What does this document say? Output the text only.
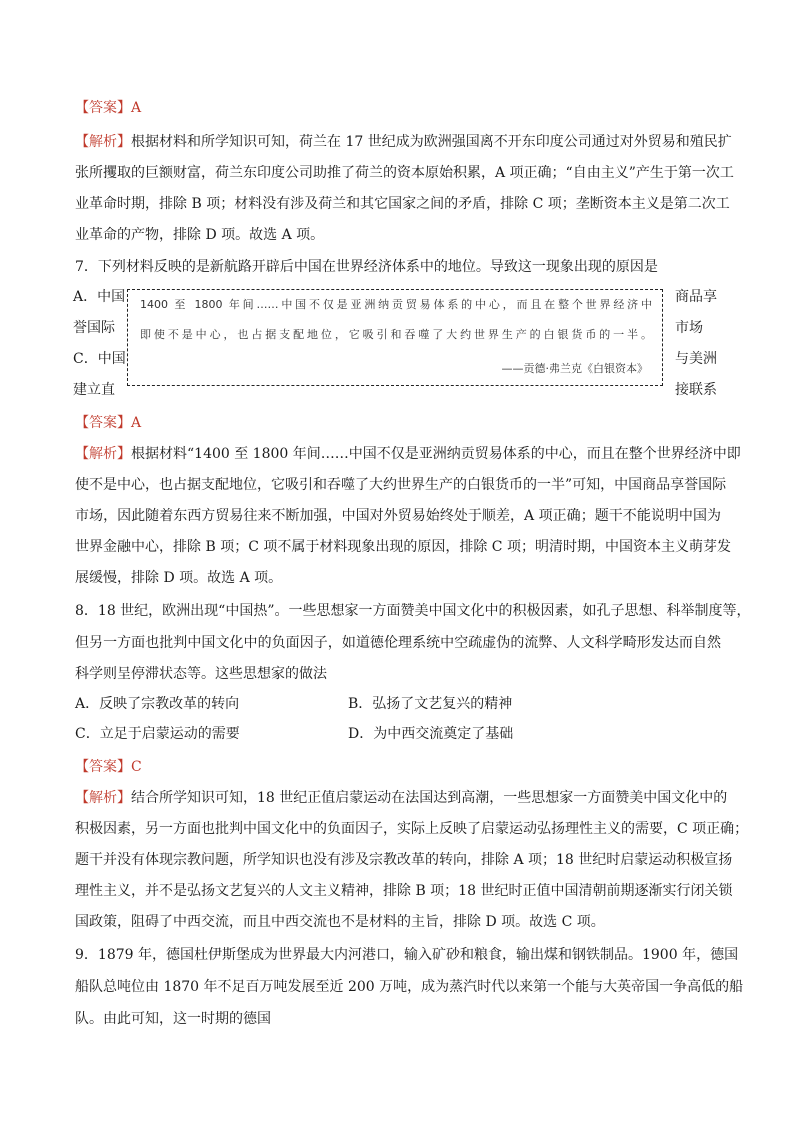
【答案】A
【解析】根据材料和所学知识可知，荷兰在 17 世纪成为欧洲强国离不开东印度公司通过对外贸易和殖民扩
张所攫取的巨额财富，荷兰东印度公司助推了荷兰的资本原始积累，A 项正确；“自由主义”产生于第一次工
业革命时期，排除 B 项；材料没有涉及荷兰和其它国家之间的矛盾，排除 C 项；垄断资本主义是第二次工
业革命的产物，排除 D 项。故选 A 项。
7．下列材料反映的是新航路开辟后中国在世界经济体系中的地位。导致这一现象出现的原因是
A．中国
誉国际
C．中国
建立直
商品享
市场
与美洲
接联系
1400 至 1800 年间……中国不仅是亚洲纳贡贸易体系的中心，而且在整个世界经济中
即使不是中心，也占据支配地位，它吸引和吞噬了大约世界生产的白银货币的一半。
——贡德·弗兰克《白银资本》
【答案】A
【解析】根据材料“1400 至 1800 年间……中国不仅是亚洲纳贡贸易体系的中心，而且在整个世界经济中即
使不是中心，也占据支配地位，它吸引和吞噬了大约世界生产的白银货币的一半”可知，中国商品享誉国际
市场，因此随着东西方贸易往来不断加强，中国对外贸易始终处于顺差，A 项正确；题干不能说明中国为
世界金融中心，排除 B 项；C 项不属于材料现象出现的原因，排除 C 项；明清时期，中国资本主义萌芽发
展缓慢，排除 D 项。故选 A 项。
8．18 世纪，欧洲出现“中国热”。一些思想家一方面赞美中国文化中的积极因素，如孔子思想、科举制度等，
但另一方面也批判中国文化中的负面因子，如道德伦理系统中空疏虚伪的流弊、人文科学畸形发达而自然
科学则呈停滞状态等。这些思想家的做法
A．反映了宗教改革的转向	B．弘扬了文艺复兴的精神
C．立足于启蒙运动的需要	D．为中西交流奠定了基础
【答案】C
【解析】结合所学知识可知，18 世纪正值启蒙运动在法国达到高潮，一些思想家一方面赞美中国文化中的
积极因素，另一方面也批判中国文化中的负面因子，实际上反映了启蒙运动弘扬理性主义的需要，C 项正确；
题干并没有体现宗教问题，所学知识也没有涉及宗教改革的转向，排除 A 项；18 世纪时启蒙运动积极宣扬
理性主义，并不是弘扬文艺复兴的人文主义精神，排除 B 项；18 世纪时正值中国清朝前期逐渐实行闭关锁
国政策，阻碍了中西交流，而且中西交流也不是材料的主旨，排除 D 项。故选 C 项。
9．1879 年，德国杜伊斯堡成为世界最大内河港口，输入矿砂和粮食，输出煤和钢铁制品。1900 年，德国
船队总吨位由 1870 年不足百万吨发展至近 200 万吨，成为蒸汽时代以来第一个能与大英帝国一争高低的船
队。由此可知，这一时期的德国
